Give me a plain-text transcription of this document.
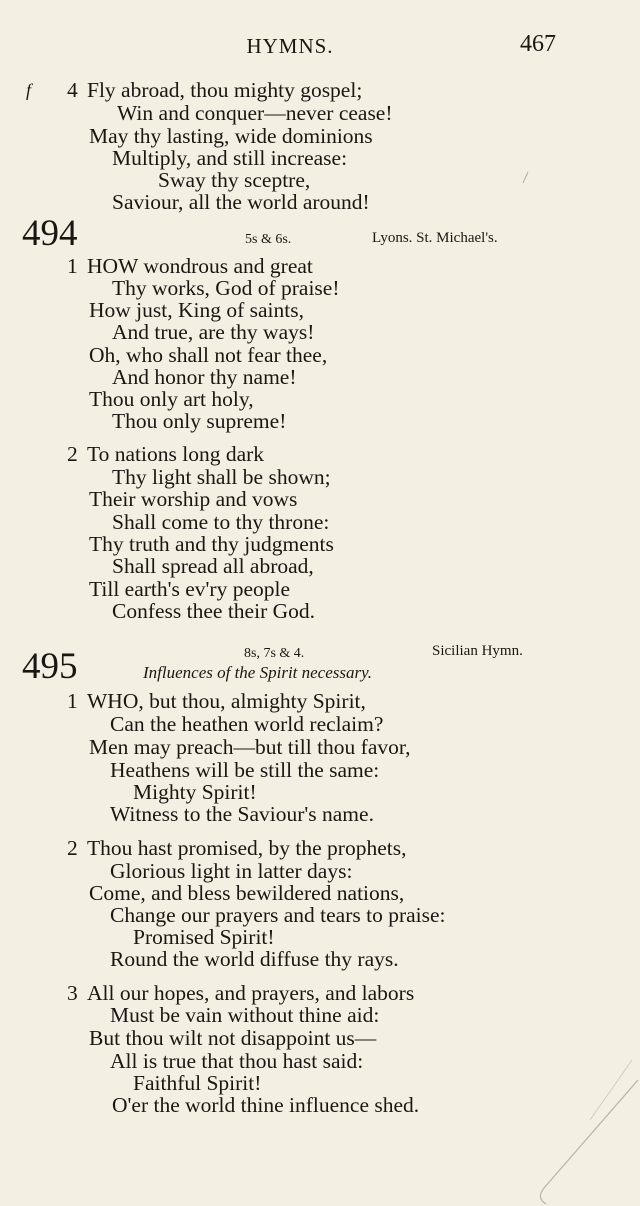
HYMNS.	467
f 4 Fly abroad, thou mighty gospel;
Win and conquer—never cease!
May thy lasting, wide dominions
Multiply, and still increase:
Sway thy sceptre,
Saviour, all the world around!
494	5s & 6s.	Lyons. St. Michael's.
1 HOW wondrous and great
Thy works, God of praise!
How just, King of saints,
And true, are thy ways!
Oh, who shall not fear thee,
And honor thy name!
Thou only art holy,
Thou only supreme!
2 To nations long dark
Thy light shall be shown;
Their worship and vows
Shall come to thy throne:
Thy truth and thy judgments
Shall spread all abroad,
Till earth's ev'ry people
Confess thee their God.
8s, 7s & 4.	Sicilian Hymn.
495	Influences of the Spirit necessary.
1 WHO, but thou, almighty Spirit,
Can the heathen world reclaim?
Men may preach—but till thou favor,
Heathens will be still the same:
Mighty Spirit!
Witness to the Saviour's name.
2 Thou hast promised, by the prophets,
Glorious light in latter days:
Come, and bless bewildered nations,
Change our prayers and tears to praise:
Promised Spirit!
Round the world diffuse thy rays.
3 All our hopes, and prayers, and labors
Must be vain without thine aid:
But thou wilt not disappoint us—
All is true that thou hast said:
Faithful Spirit!
O'er the world thine influence shed.
